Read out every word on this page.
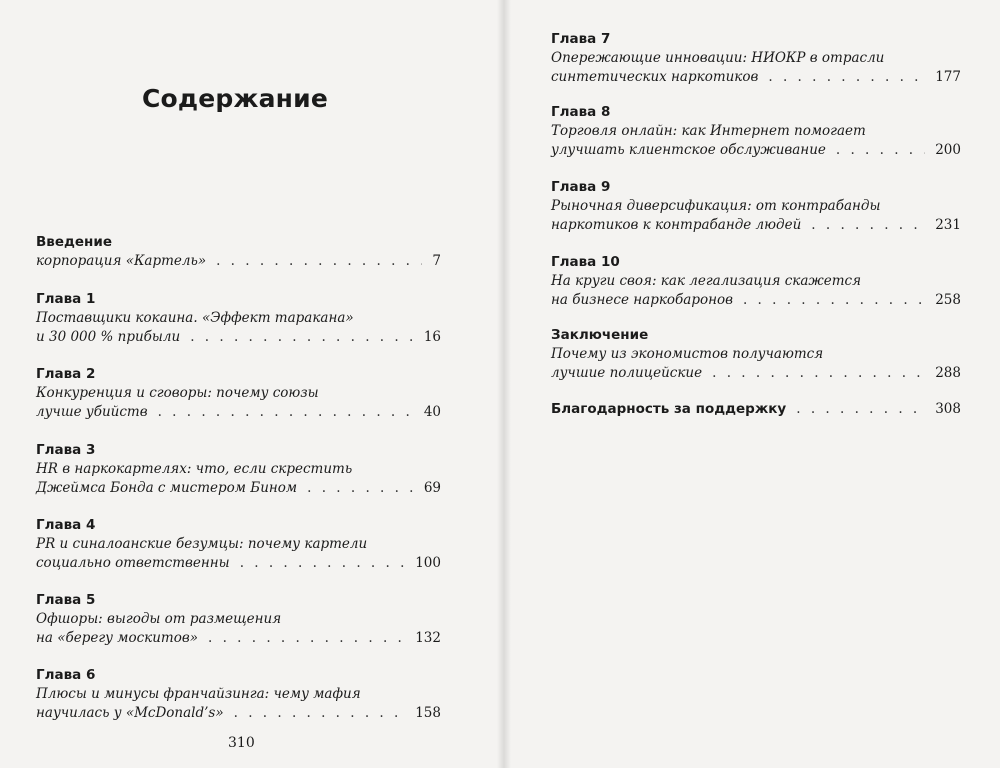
Содержание
Введение
корпорация «Картель» . . .	7
Глава 1
Поставщики кокаина. «Эффект таракана»
и 30 000 % прибыли . . .	16
Глава 2
Конкуренция и сговоры: почему союзы
лучше убийств . . .	40
Глава 3
HR в наркокартелях: что, если скрестить
Джеймса Бонда с мистером Бином . . .	69
Глава 4
PR и синалоанские безумцы: почему картели
социально ответственны . . .	100
Глава 5
Офшоры: выгоды от размещения
на «берегу москитов» . . .	132
Глава 6
Плюсы и минусы франчайзинга: чему мафия
научилась у «McDonald’s» . . .	158
310
Глава 7
Опережающие инновации: НИОКР в отрасли
синтетических наркотиков . . .	177
Глава 8
Торговля онлайн: как Интернет помогает
улучшать клиентское обслуживание . . .	200
Глава 9
Рыночная диверсификация: от контрабанды
наркотиков к контрабанде людей . . .	231
Глава 10
На круги своя: как легализация скажется
на бизнесе наркобаронов . . .	258
Заключение
Почему из экономистов получаются
лучшие полицейские . . .	288
Благодарность за поддержку . . .	308
